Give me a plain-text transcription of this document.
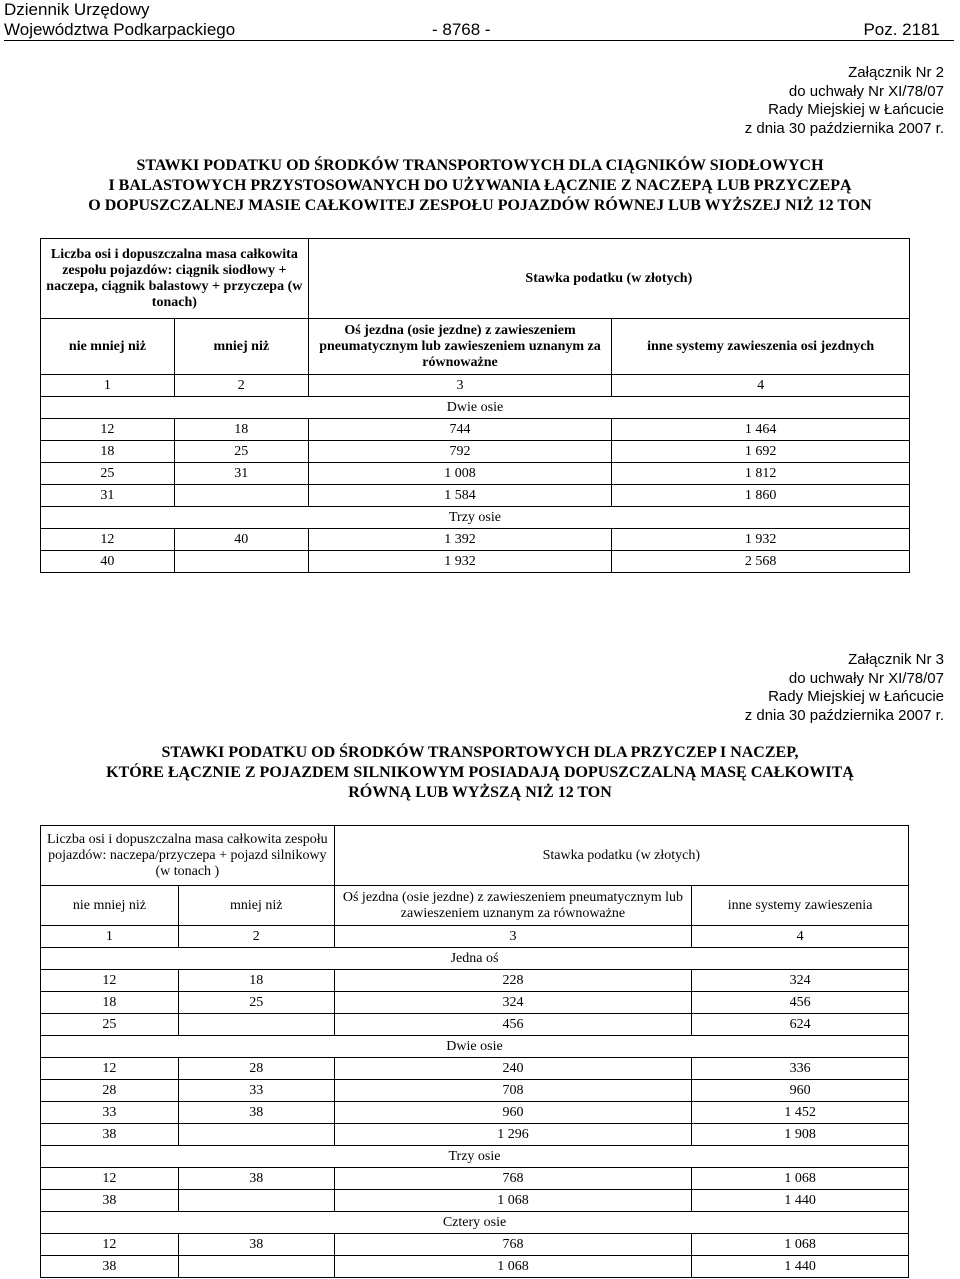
Dziennik Urzędowy
Województwa Podkarpackiego	- 8768 -	Poz. 2181
Załącznik Nr 2
do uchwały Nr XI/78/07
Rady Miejskiej w Łańcucie
z dnia 30 października 2007 r.
STAWKI PODATKU OD ŚRODKÓW TRANSPORTOWYCH DLA CIĄGNIKÓW SIODŁOWYCH
I BALASTOWYCH PRZYSTOSOWANYCH DO UŻYWANIA ŁĄCZNIE Z NACZEPĄ LUB PRZYCZEPĄ
O DOPUSZCZALNEJ MASIE CAŁKOWITEJ ZESPOŁU POJAZDÓW RÓWNEJ LUB WYŻSZEJ NIŻ 12 TON
Liczba osi i dopuszczalna masa całkowita zespołu pojazdów: ciągnik siodłowy + naczepa, ciągnik balastowy + przyczepa (w tonach)		Stawka podatku (w złotych)	
nie mniej niż	mniej niż	Oś jezdna (osie jezdne) z zawieszeniem pneumatycznym lub zawieszeniem uznanym za równoważne	inne systemy zawieszenia osi jezdnych
1	2	3	4
Dwie osie			
12	18	744	1 464
18	25	792	1 692
25	31	1 008	1 812
31		1 584	1 860
Trzy osie			
12	40	1 392	1 932
40		1 932	2 568
Załącznik Nr 3
do uchwały Nr XI/78/07
Rady Miejskiej w Łańcucie
z dnia 30 października 2007 r.
STAWKI PODATKU OD ŚRODKÓW TRANSPORTOWYCH DLA PRZYCZEP I NACZEP,
KTÓRE ŁĄCZNIE Z POJAZDEM SILNIKOWYM POSIADAJĄ DOPUSZCZALNĄ MASĘ CAŁKOWITĄ
RÓWNĄ LUB WYŻSZĄ NIŻ 12 TON
Liczba osi i dopuszczalna masa całkowita zespołu pojazdów: naczepa/przyczepa + pojazd silnikowy (w tonach )		Stawka podatku (w złotych)	
nie mniej niż	mniej niż	Oś jezdna (osie jezdne) z zawieszeniem pneumatycznym lub zawieszeniem uznanym za równoważne	inne systemy zawieszenia
1	2	3	4
Jedna oś			
12	18	228	324
18	25	324	456
25		456	624
Dwie osie			
12	28	240	336
28	33	708	960
33	38	960	1 452
38		1 296	1 908
Trzy osie			
12	38	768	1 068
38		1 068	1 440
Cztery osie			
12	38	768	1 068
38		1 068	1 440
